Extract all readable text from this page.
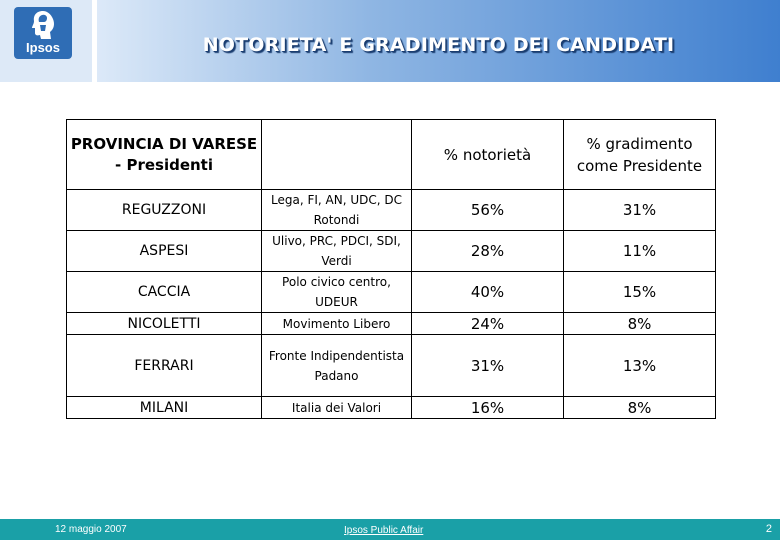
Ipsos	NOTORIETA' E GRADIMENTO DEI CANDIDATI
PROVINCIA DI VARESE - Presidenti		% notorietà	% gradimento come Presidente
REGUZZONI	Lega, FI, AN, UDC, DC Rotondi	56%	31%
ASPESI	Ulivo, PRC, PDCI, SDI, Verdi	28%	11%
CACCIA	Polo civico centro, UDEUR	40%	15%
NICOLETTI	Movimento Libero	24%	8%
FERRARI	Fronte Indipendentista Padano	31%	13%
MILANI	Italia dei Valori	16%	8%
12 maggio 2007	Ipsos Public Affair	2
